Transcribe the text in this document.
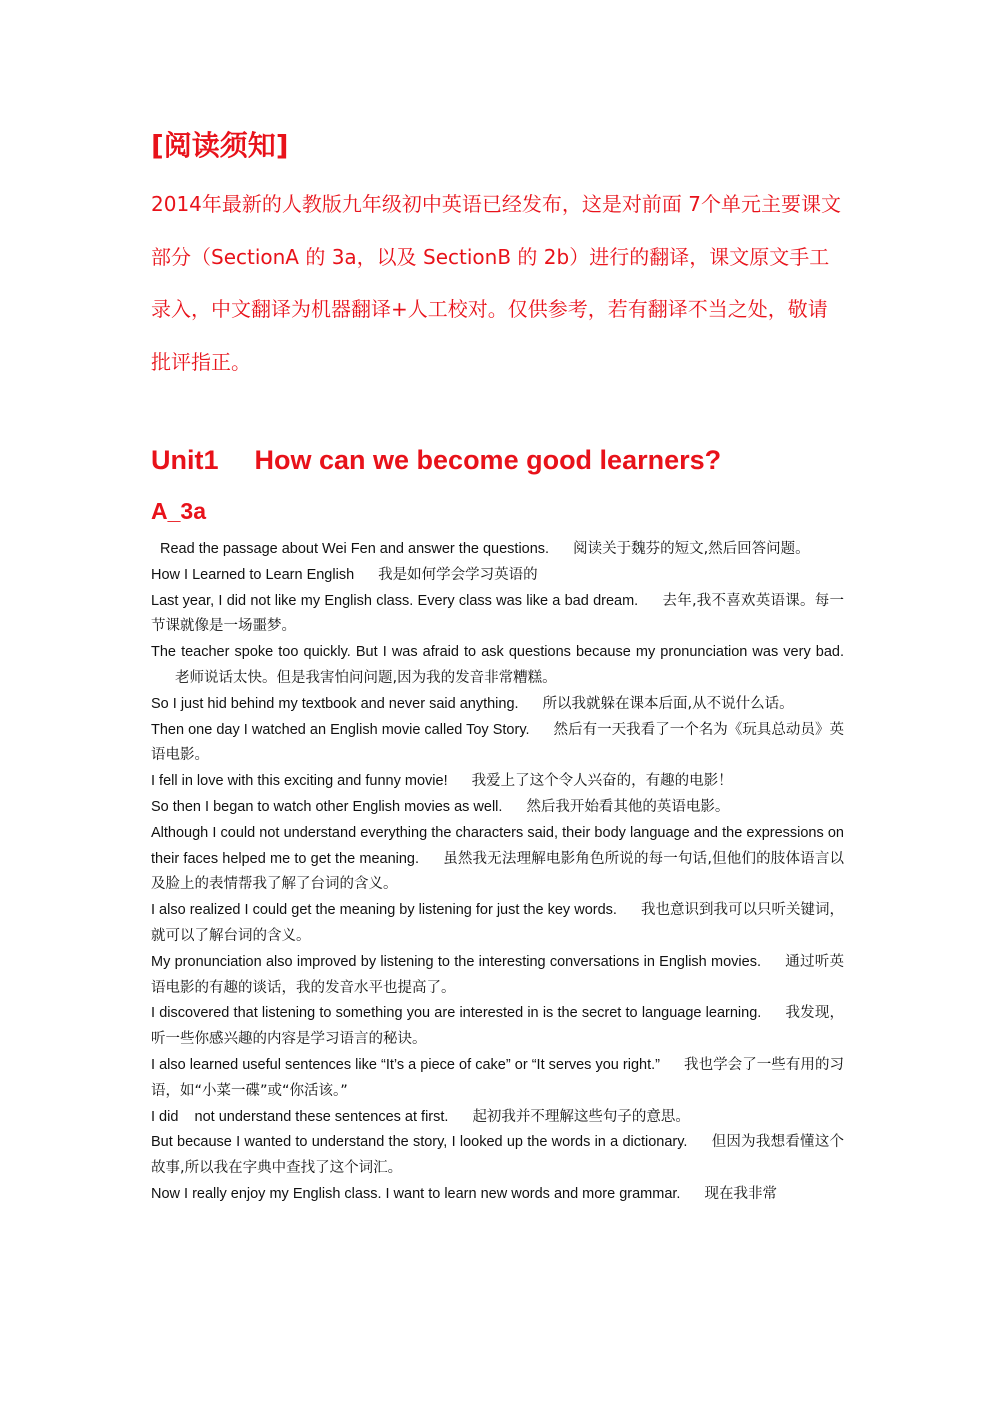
[阅读须知]

2014年最新的人教版九年级初中英语已经发布，这是对前面 7个单元主要课文部分（SectionA 的 3a，以及 SectionB 的 2b）进行的翻译，课文原文手工录入，中文翻译为机器翻译+人工校对。仅供参考，若有翻译不当之处，敬请批评指正。

Unit1 How can we become good learners?
A_3a
Read the passage about Wei Fen and answer the questions. 阅读关于魏芬的短文,然后回答问题。
How I Learned to Learn English 我是如何学会学习英语的
Last year, I did not like my English class. Every class was like a bad dream. 去年,我不喜欢英语课。每一节课就像是一场噩梦。
The teacher spoke too quickly. But I was afraid to ask questions because my pronunciation was very bad.老师说话太快。但是我害怕问问题,因为我的发音非常糟糕。
So I just hid behind my textbook and never said anything. 所以我就躲在课本后面,从不说什么话。
Then one day I watched an English movie called Toy Story. 然后有一天我看了一个名为《玩具总动员》英语电影。
I fell in love with this exciting and funny movie! 我爱上了这个令人兴奋的，有趣的电影！
So then I began to watch other English movies as well. 然后我开始看其他的英语电影。
Although I could not understand everything the characters said, their body language and the expressions on their faces helped me to get the meaning. 虽然我无法理解电影角色所说的每一句话,但他们的肢体语言以及脸上的表情帮我了解了台词的含义。
I also realized I could get the meaning by listening for just the key words. 我也意识到我可以只听关键词，就可以了解台词的含义。
My pronunciation also improved by listening to the interesting conversations in English movies. 通过听英语电影的有趣的谈话，我的发音水平也提高了。
I discovered that listening to something you are interested in is the secret to language learning. 我发现，听一些你感兴趣的内容是学习语言的秘诀。
I also learned useful sentences like “It’s a piece of cake” or “It serves you right.” 我也学会了一些有用的习语，如“小菜一碟”或“你活该。”
I did    not understand these sentences at first. 起初我并不理解这些句子的意思。
But because I wanted to understand the story, I looked up the words in a dictionary. 但因为我想看懂这个故事,所以我在字典中查找了这个词汇。
Now I really enjoy my English class. I want to learn new words and more grammar. 现在我非常
